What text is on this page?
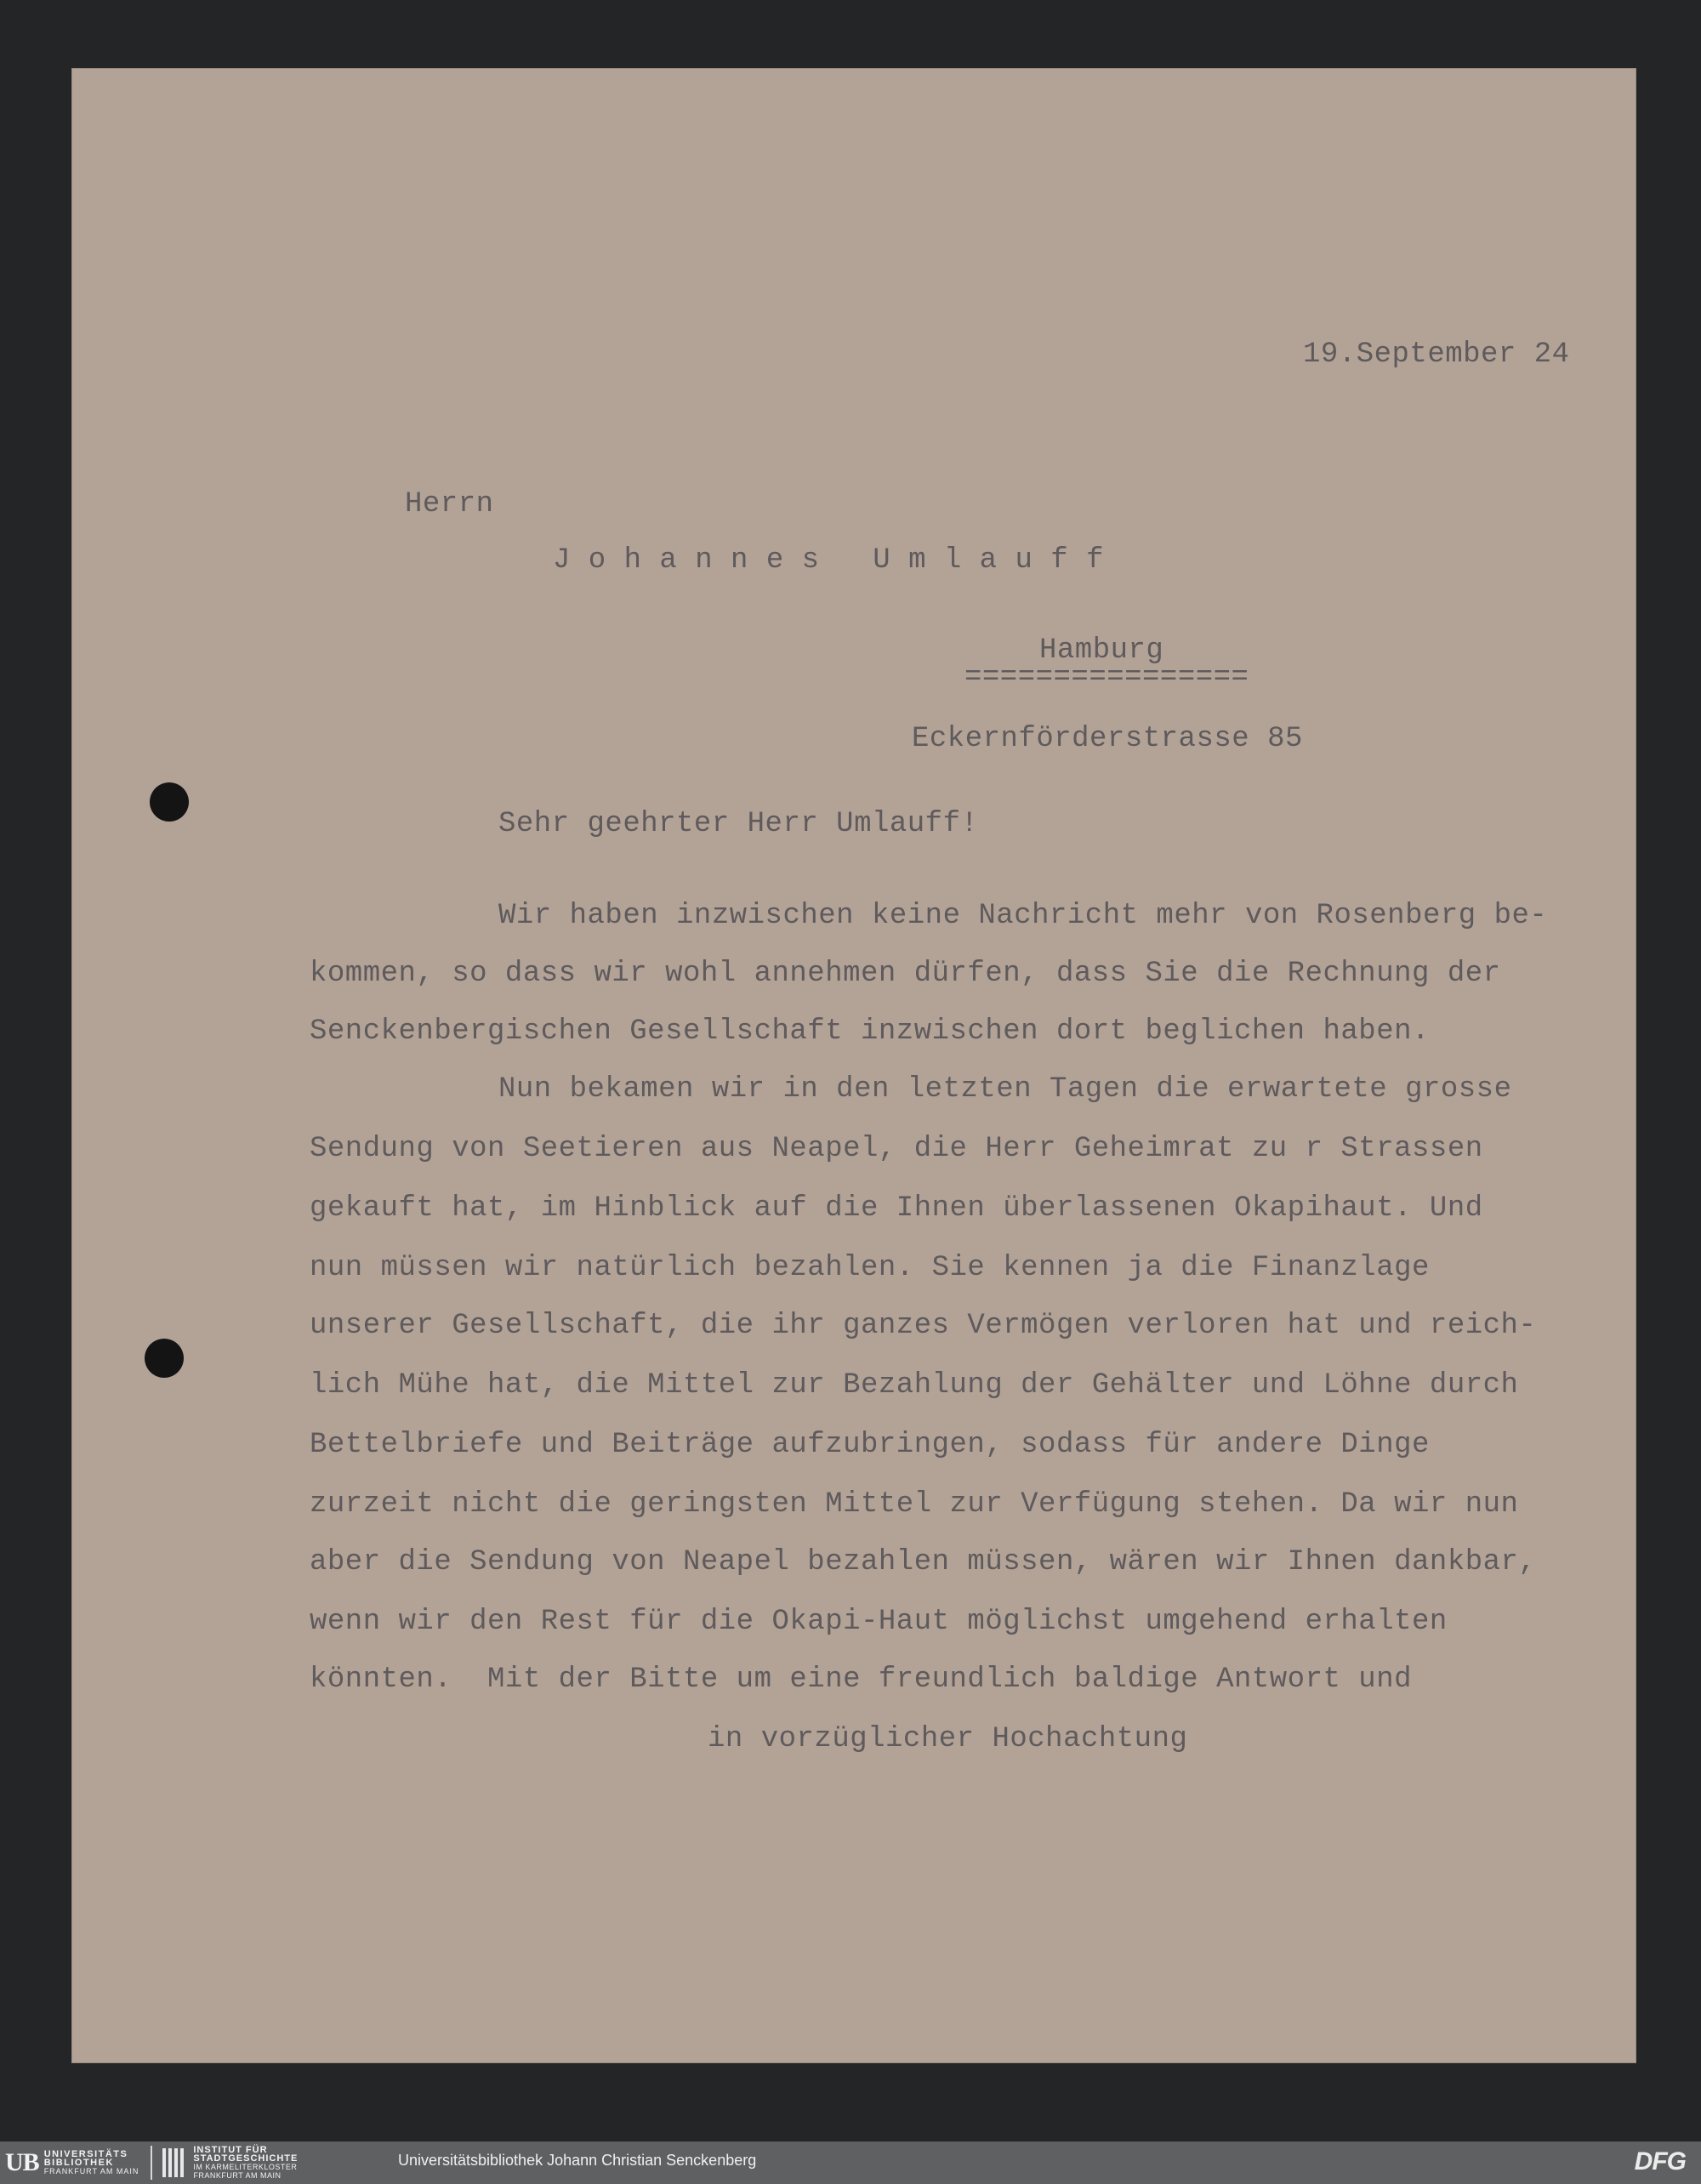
19.September 24
Herrn
J o h a n n e s   U m l a u f f
Hamburg
================
Eckernförderstrasse 85
Sehr geehrter Herr Umlauff!
Wir haben inzwischen keine Nachricht mehr von Rosenberg be-
kommen, so dass wir wohl annehmen dürfen, dass Sie die Rechnung der
Senckenbergischen Gesellschaft inzwischen dort beglichen haben.
Nun bekamen wir in den letzten Tagen die erwartete grosse
Sendung von Seetieren aus Neapel, die Herr Geheimrat zu r Strassen
gekauft hat, im Hinblick auf die Ihnen überlassenen Okapihaut. Und
nun müssen wir natürlich bezahlen. Sie kennen ja die Finanzlage
unserer Gesellschaft, die ihr ganzes Vermögen verloren hat und reich-
lich Mühe hat, die Mittel zur Bezahlung der Gehälter und Löhne durch
Bettelbriefe und Beiträge aufzubringen, sodass für andere Dinge
zurzeit nicht die geringsten Mittel zur Verfügung stehen. Da wir nun
aber die Sendung von Neapel bezahlen müssen, wären wir Ihnen dankbar,
wenn wir den Rest für die Okapi-Haut möglichst umgehend erhalten
könnten.  Mit der Bitte um eine freundlich baldige Antwort und
in vorzüglicher Hochachtung
UB UNIVERSITÄTS
BIBLIOTHEK
FRANKFURT AM MAIN
INSTITUT FÜR
STADTGESCHICHTE
IM KARMELITERKLOSTER
FRANKFURT AM MAIN
Universitätsbibliothek Johann Christian Senckenberg	DFG
